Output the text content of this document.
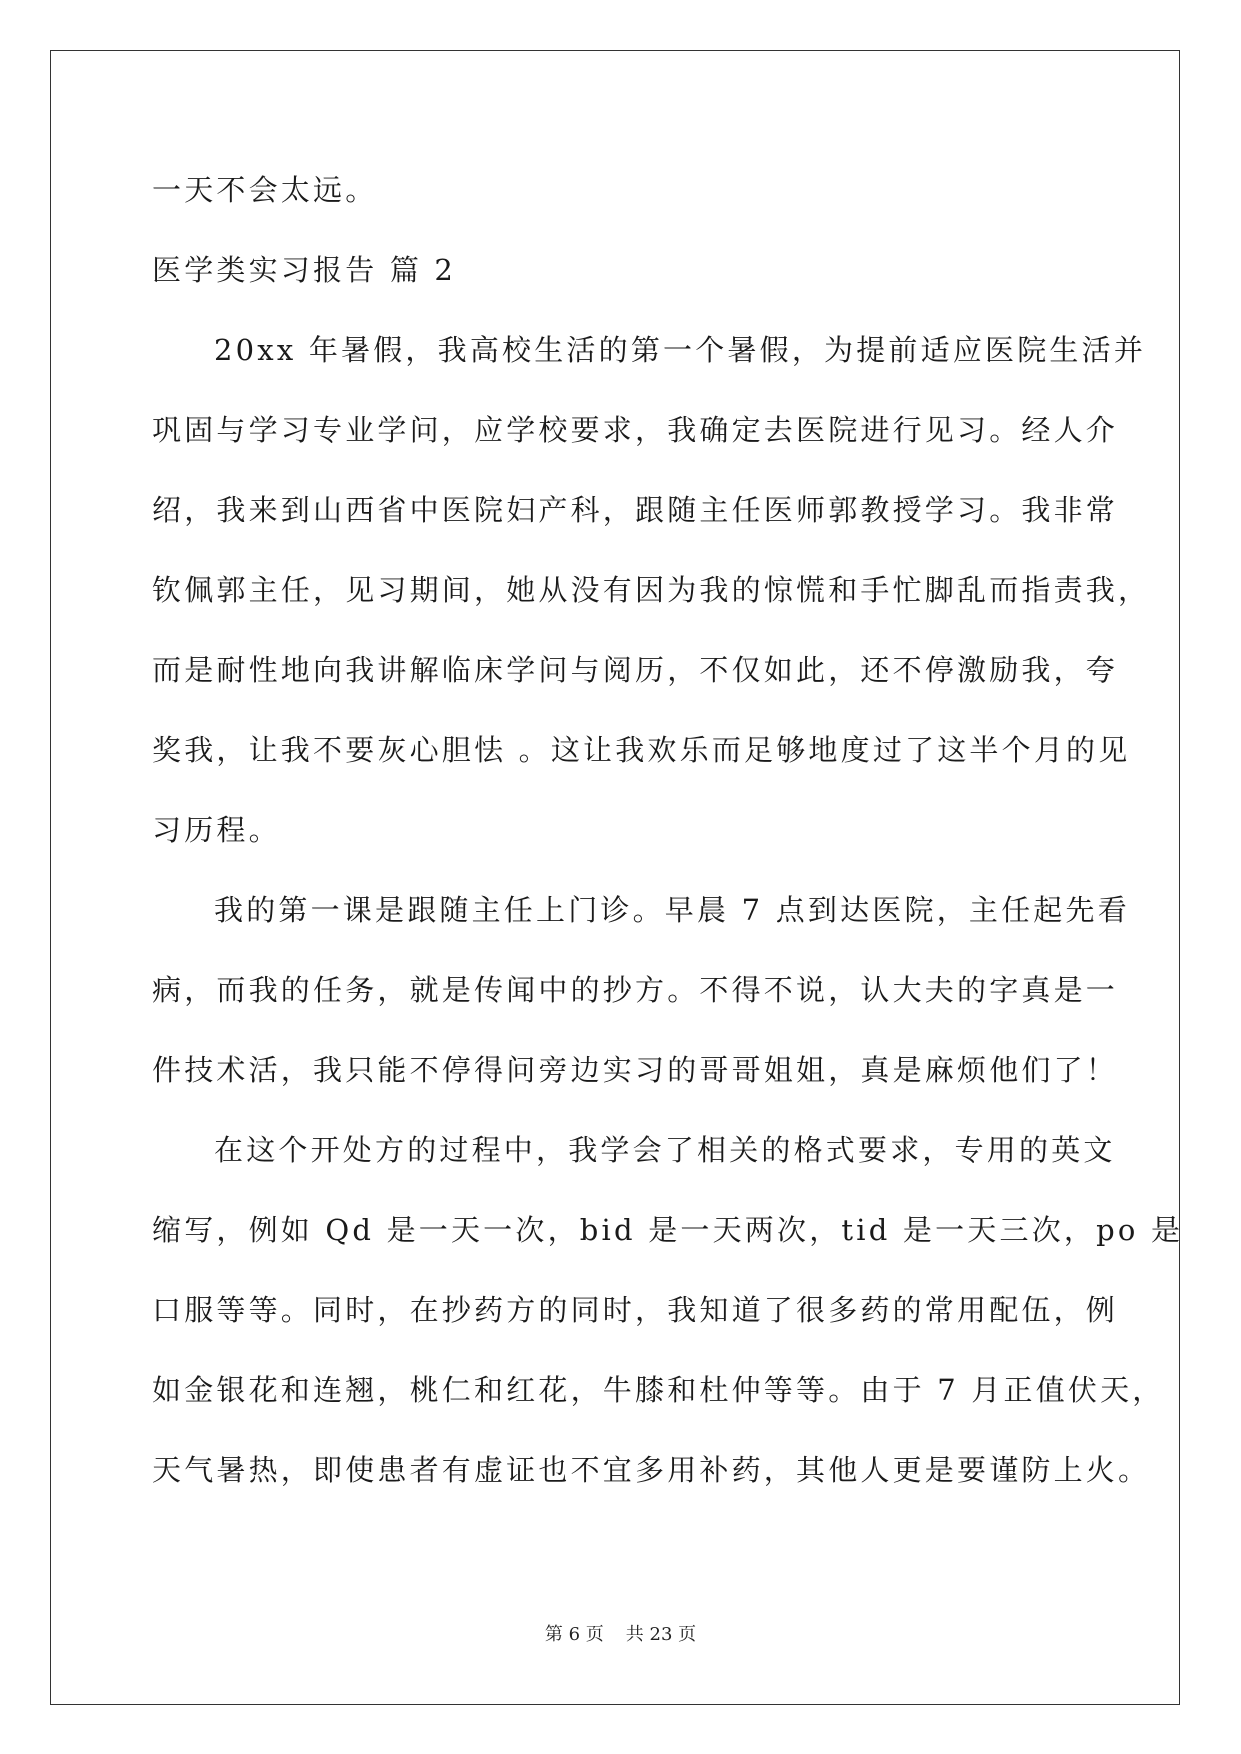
一天不会太远。
医学类实习报告 篇 2
20xx 年暑假，我高校生活的第一个暑假，为提前适应医院生活并
巩固与学习专业学问，应学校要求，我确定去医院进行见习。经人介
绍，我来到山西省中医院妇产科，跟随主任医师郭教授学习。我非常
钦佩郭主任，见习期间，她从没有因为我的惊慌和手忙脚乱而指责我，
而是耐性地向我讲解临床学问与阅历，不仅如此，还不停激励我，夸
奖我，让我不要灰心胆怯 。这让我欢乐而足够地度过了这半个月的见
习历程。
我的第一课是跟随主任上门诊。早晨 7 点到达医院，主任起先看
病，而我的任务，就是传闻中的抄方。不得不说，认大夫的字真是一
件技术活，我只能不停得问旁边实习的哥哥姐姐，真是麻烦他们了！
在这个开处方的过程中，我学会了相关的格式要求，专用的英文
缩写，例如 Qd 是一天一次，bid 是一天两次，tid 是一天三次，po 是
口服等等。同时，在抄药方的同时，我知道了很多药的常用配伍，例
如金银花和连翘，桃仁和红花，牛膝和杜仲等等。由于 7 月正值伏天，
天气暑热，即使患者有虚证也不宜多用补药，其他人更是要谨防上火。
第 6 页 共 23 页
